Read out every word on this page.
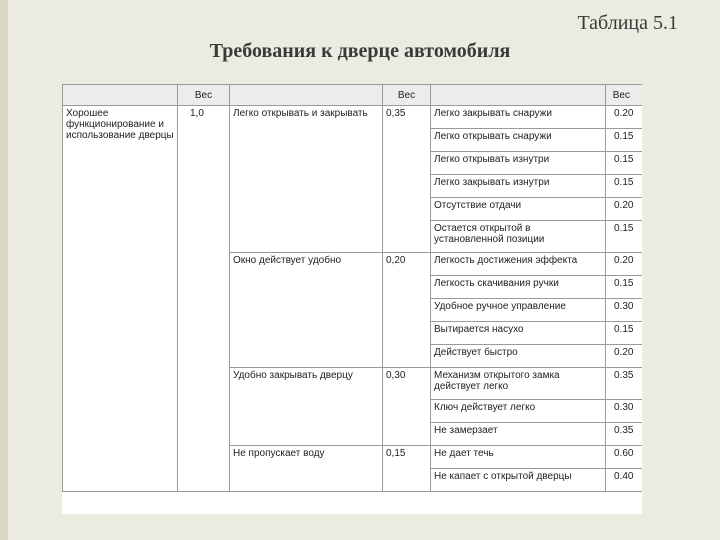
Таблица 5.1
Требования к дверце автомобиля
	Вес		Вес		Вес
Хорошее функционирование и использование дверцы	1,0	Легко открывать и закрывать	0,35	Легко закрывать снаружи	0.20
				Легко открывать снаружи	0.15
				Легко открывать изнутри	0.15
				Легко закрывать изнутри	0.15
				Отсутствие отдачи	0.20
				Остается открытой в установленной позиции	0.15
		Окно действует удобно	0,20	Легкость достижения эффекта	0.20
				Легкость скачивания ручки	0.15
				Удобное ручное управление	0.30
				Вытирается насухо	0.15
				Действует быстро	0.20
		Удобно закрывать дверцу	0,30	Механизм открытого замка действует легко	0.35
				Ключ действует легко	0.30
				Не замерзает	0.35
		Не пропускает воду	0,15	Не дает течь	0.60
				Не капает с открытой дверцы	0.40
